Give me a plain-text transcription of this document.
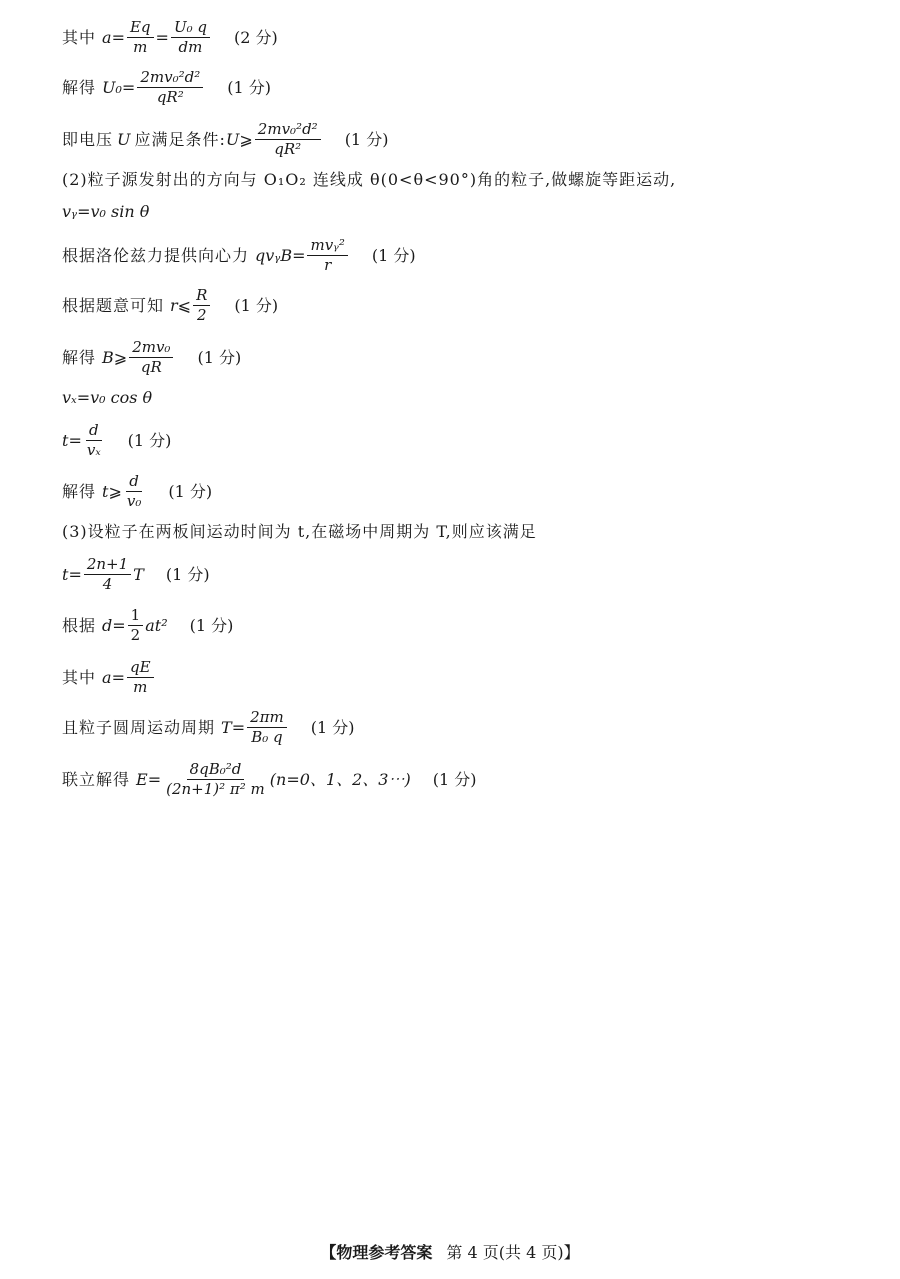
其中 $a = \frac{Eq}{m} = \frac{\text{U₀ q}}{dm} (2$ 分)
解得 $U_0 = \frac{\text{2mv₀²d²}}{\text{qR²}} (1$ 分)
即电压 U 应满足条件: U ⩾ $\frac{\text{2mv₀²d²}}{\text{qR²}} (1$ 分)
(2)粒子源发射出的方向与 O₁O₂ 连线成 θ(0<θ<90°)角的粒子,做螺旋等距运动,
vᵧ=v₀ sin θ
根据洛伦兹力提供向心力 qvᵧB = $\frac{\text{mvᵧ²}}{r} (1$ 分)
根据题意可知 r ⩽ $\frac{R}{2} (1$ 分)
解得 B ⩾ $\frac{\text{2mv₀}}{qR} (1$ 分)
vₓ=v₀ cos θ
$t = \frac{d}{\text{vₓ}} (1$ 分)
解得 t ⩾ $\frac{d}{\text{v₀}} (1$ 分)
(3)设粒子在两板间运动时间为 t,在磁场中周期为 T,则应该满足
$t = \frac{2n+1}{4}$ T (1 分)
根据 $d = \frac{1}{2} at^2$ (1 分)
其中 $a = \frac{qE}{m}$
且粒子圆周运动周期 $T = \frac{2\pi m}{\text{B₀ q}} (1$ 分)
联立解得 $E = \frac{\text{8qB₀²d}}{\text{(2n+1)² π² m}} (n=0$、1、2、3⋯) (1 分)
【物理参考答案 第 4 页(共 4 页)】
